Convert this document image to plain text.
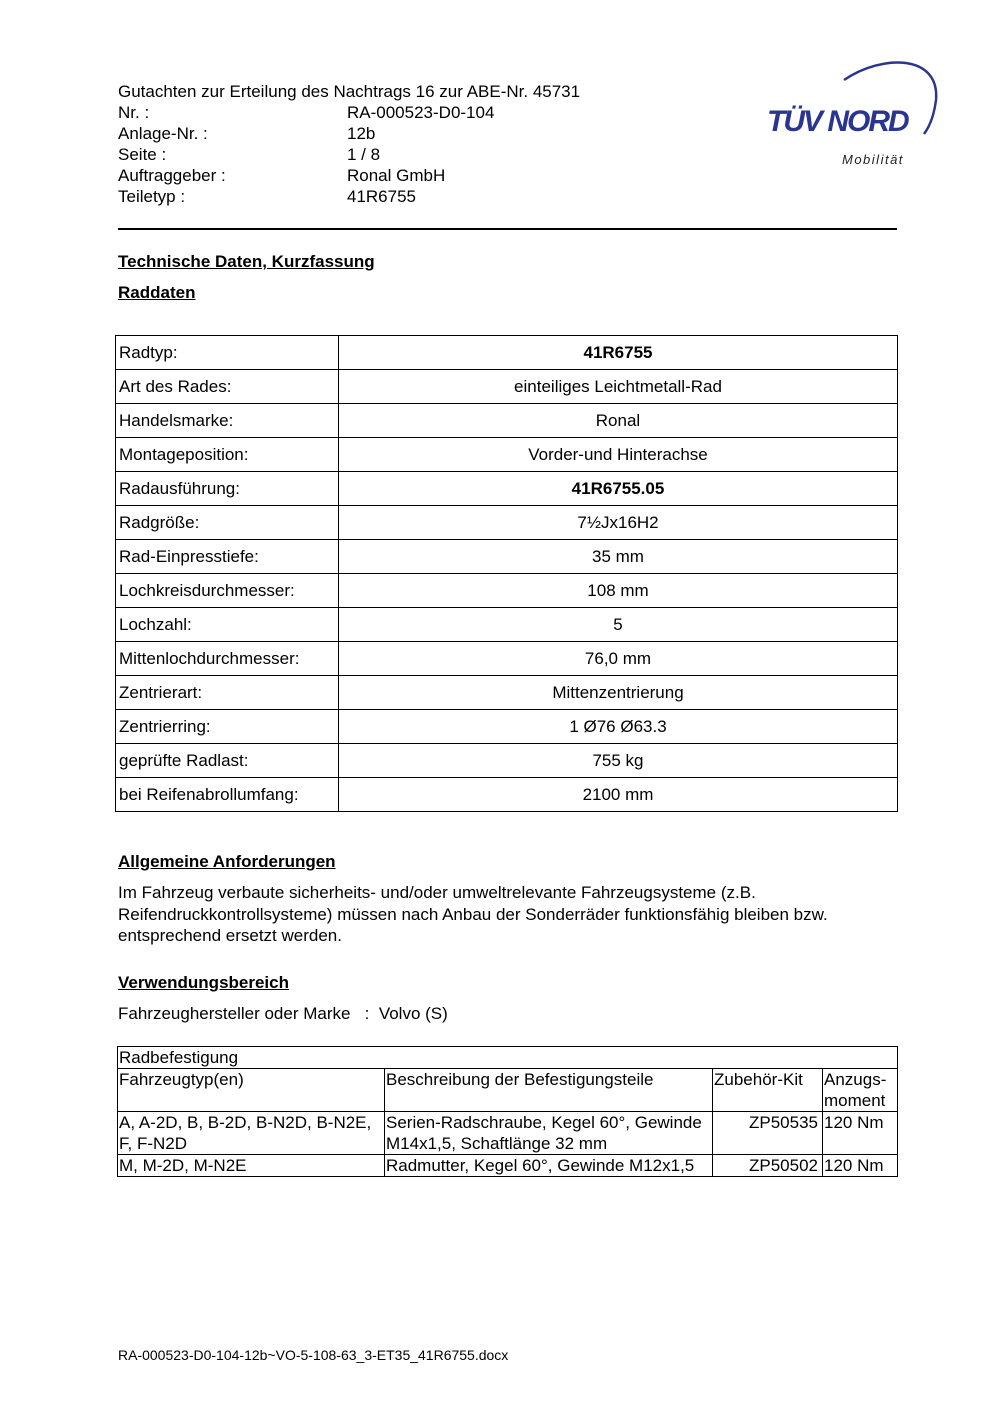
Gutachten zur Erteilung des Nachtrags 16 zur ABE-Nr. 45731
Nr. :	RA-000523-D0-104
Anlage-Nr. :	12b
Seite :	1 / 8
Auftraggeber :	Ronal GmbH
Teiletyp :	41R6755
TÜV NORD
Mobilität
Technische Daten, Kurzfassung
Raddaten
Radtyp:	41R6755
Art des Rades:	einteiliges Leichtmetall-Rad
Handelsmarke:	Ronal
Montageposition:	Vorder-und Hinterachse
Radausführung:	41R6755.05
Radgröße:	7½Jx16H2
Rad-Einpresstiefe:	35 mm
Lochkreisdurchmesser:	108 mm
Lochzahl:	5
Mittenlochdurchmesser:	76,0 mm
Zentrierart:	Mittenzentrierung
Zentrierring:	1 Ø76 Ø63.3
geprüfte Radlast:	755 kg
bei Reifenabrollumfang:	2100 mm
Allgemeine Anforderungen
Im Fahrzeug verbaute sicherheits- und/oder umweltrelevante Fahrzeugsysteme (z.B. Reifendruckkontrollsysteme) müssen nach Anbau der Sonderräder funktionsfähig bleiben bzw. entsprechend ersetzt werden.
Verwendungsbereich
Fahrzeughersteller oder Marke : Volvo (S)
Radbefestigung			
Fahrzeugtyp(en)	Beschreibung der Befestigungsteile	Zubehör-Kit	Anzugs-moment
A, A-2D, B, B-2D, B-N2D, B-N2E, F, F-N2D	Serien-Radschraube, Kegel 60°, Gewinde M14x1,5, Schaftlänge 32 mm	ZP50535	120 Nm
M, M-2D, M-N2E	Radmutter, Kegel 60°, Gewinde M12x1,5	ZP50502	120 Nm
RA-000523-D0-104-12b~VO-5-108-63_3-ET35_41R6755.docx
